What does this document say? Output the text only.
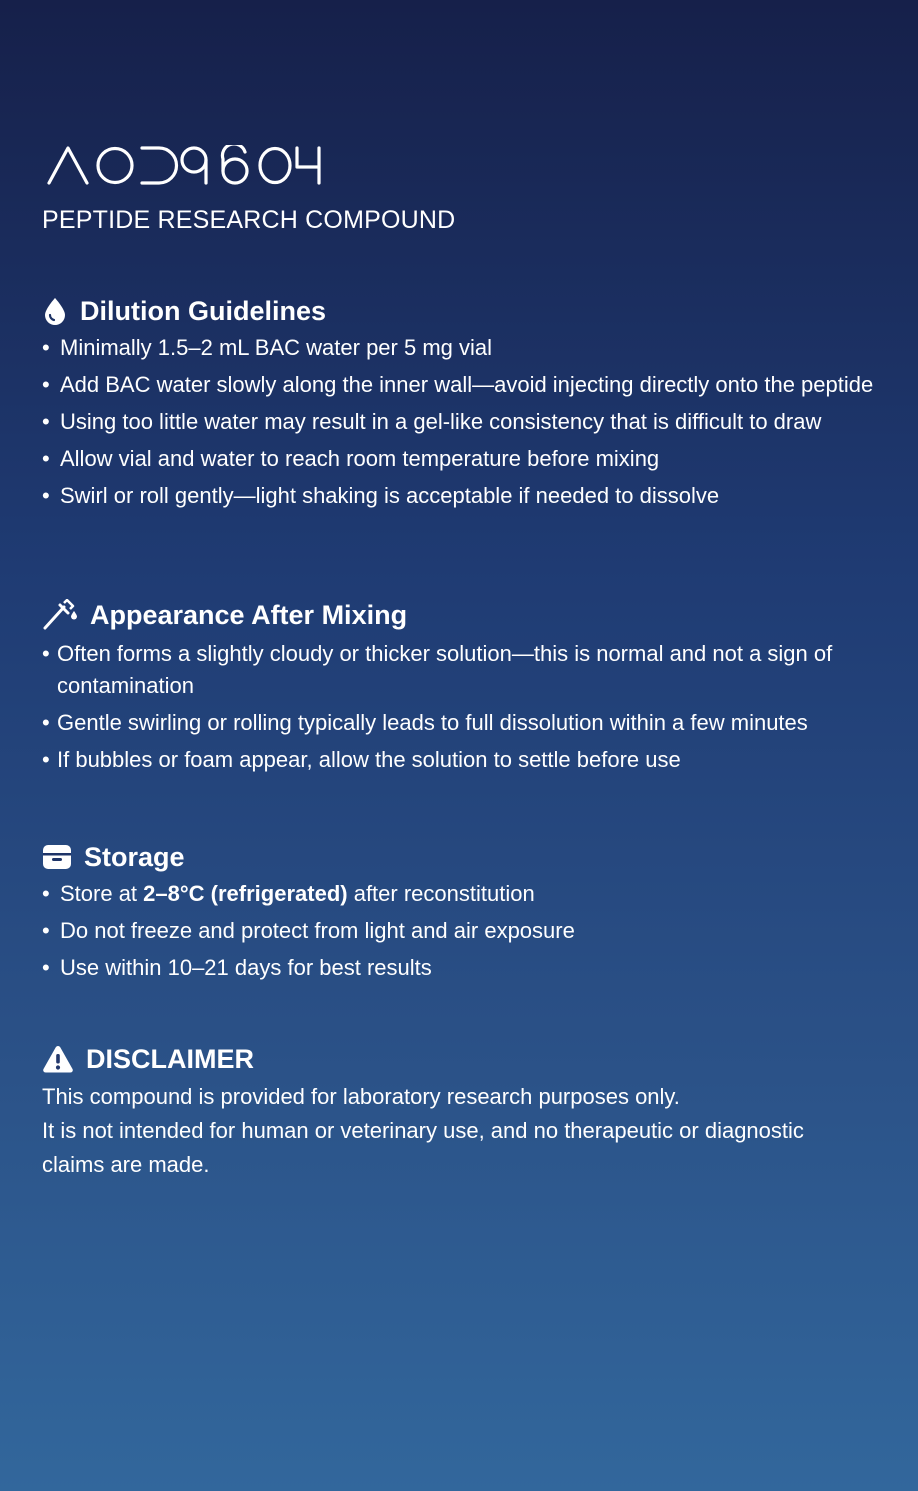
PEPTIDE RESEARCH COMPOUND
Dilution Guidelines
• Minimally 1.5–2 mL BAC water per 5 mg vial
• Add BAC water slowly along the inner wall—avoid injecting directly onto the peptide
• Using too little water may result in a gel-like consistency that is difficult to draw
• Allow vial and water to reach room temperature before mixing
• Swirl or roll gently—light shaking is acceptable if needed to dissolve
Appearance After Mixing
• Often forms a slightly cloudy or thicker solution—this is normal and not a sign of contamination
• Gentle swirling or rolling typically leads to full dissolution within a few minutes
• If bubbles or foam appear, allow the solution to settle before use
Storage
• Store at 2–8°C (refrigerated) after reconstitution
• Do not freeze and protect from light and air exposure
• Use within 10–21 days for best results
DISCLAIMER
This compound is provided for laboratory research purposes only.
It is not intended for human or veterinary use, and no therapeutic or diagnostic claims are made.
